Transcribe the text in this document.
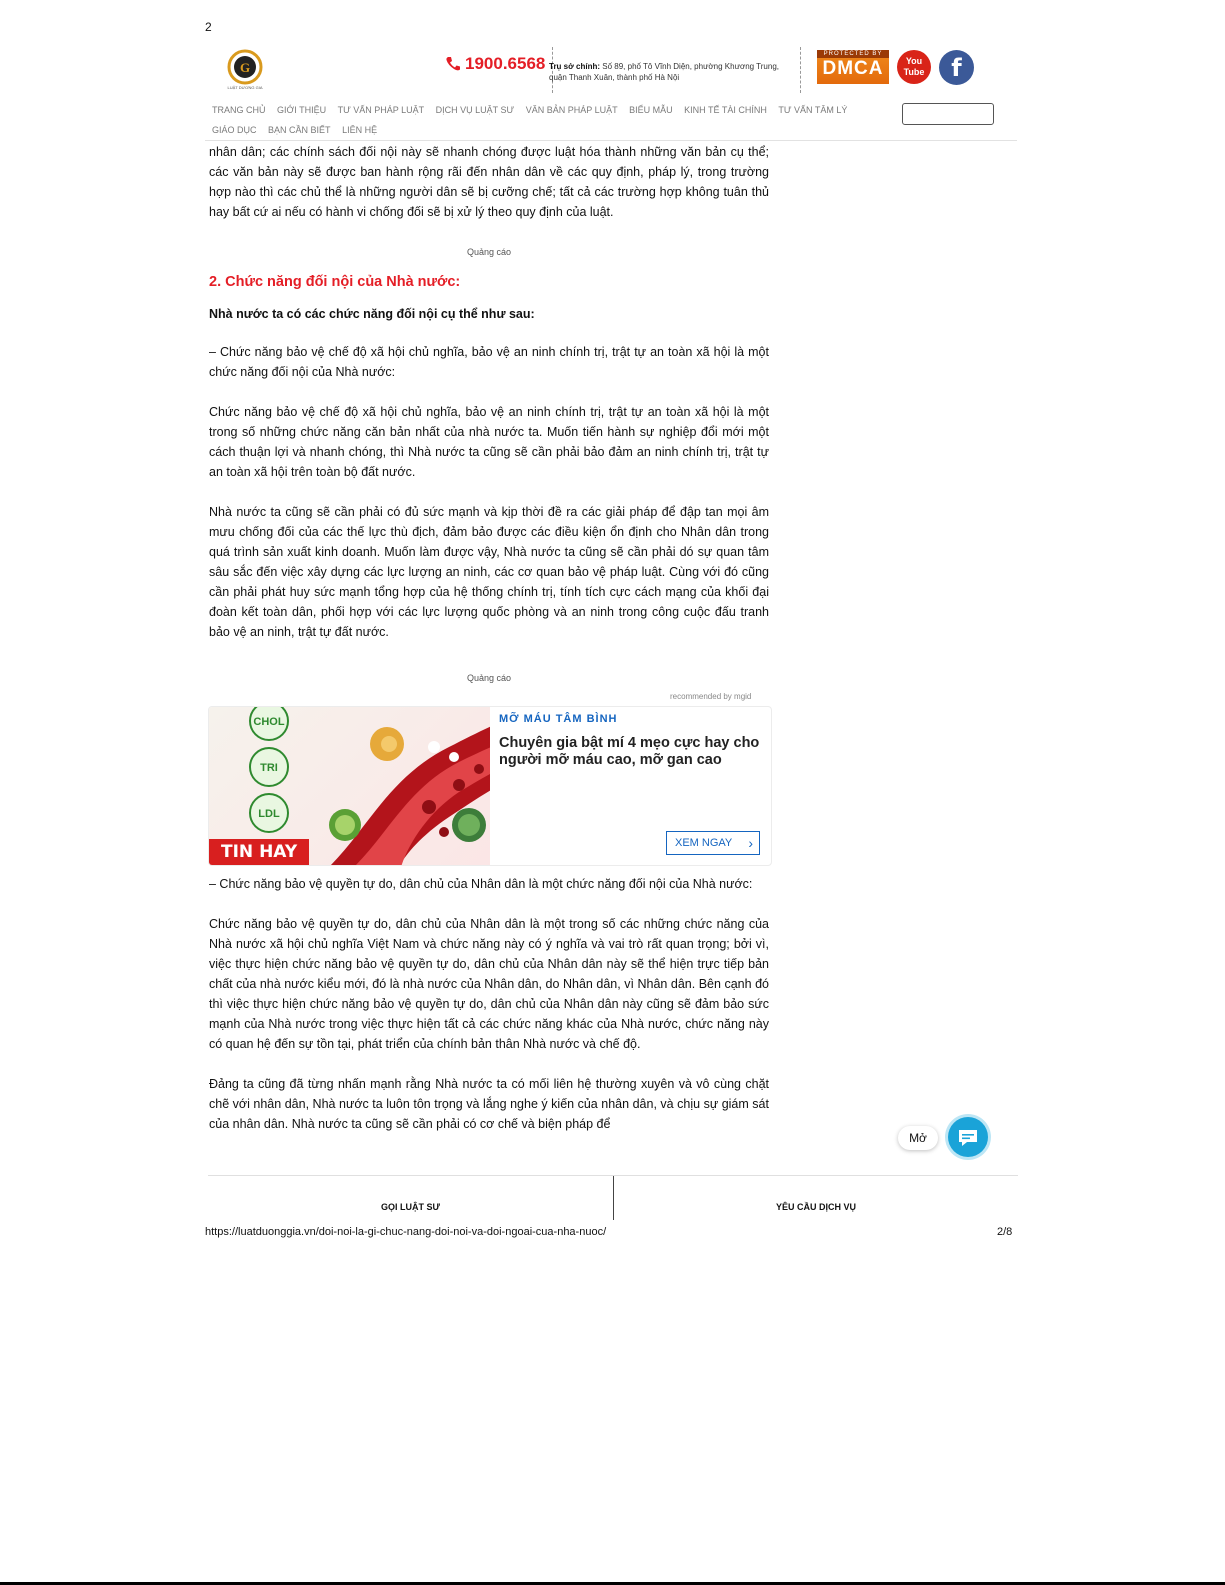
2
G
LUẬT DƯƠNG GIA
1900.6568 Trụ sở chính: Số 89, phố Tô Vĩnh Diện, phường Khương Trung, quận Thanh Xuân, thành phố Hà Nội
PROTECTED BY
DMCA	You Tube	f
TRANG CHỦ GIỚI THIỆU TƯ VẤN PHÁP LUẬT DỊCH VỤ LUẬT SƯ VĂN BẢN PHÁP LUẬT BIỂU MẪU KINH TẾ TÀI CHÍNH TƯ VẤN TÂM LÝ GIÁO DỤC BẠN CẦN BIẾT LIÊN HỆ

nhân dân; các chính sách đối nội này sẽ nhanh chóng được luật hóa thành những văn bản cụ thể; các văn bản này sẽ được ban hành rộng rãi đến nhân dân về các quy định, pháp lý, trong trường hợp nào thì các chủ thể là những người dân sẽ bị cưỡng chế; tất cả các trường hợp không tuân thủ hay bất cứ ai nếu có hành vi chống đối sẽ bị xử lý theo quy định của luật.

Quảng cáo
2. Chức năng đối nội của Nhà nước:

Nhà nước ta có các chức năng đối nội cụ thể như sau:

– Chức năng bảo vệ chế độ xã hội chủ nghĩa, bảo vệ an ninh chính trị, trật tự an toàn xã hội là một chức năng đối nội của Nhà nước:

Chức năng bảo vệ chế độ xã hội chủ nghĩa, bảo vệ an ninh chính trị, trật tự an toàn xã hội là một trong số những chức năng căn bản nhất của nhà nước ta. Muốn tiến hành sự nghiệp đổi mới một cách thuận lợi và nhanh chóng, thì Nhà nước ta cũng sẽ cần phải bảo đảm an ninh chính trị, trật tự an toàn xã hội trên toàn bộ đất nước.

Nhà nước ta cũng sẽ cần phải có đủ sức mạnh và kịp thời đề ra các giải pháp để đập tan mọi âm mưu chống đối của các thế lực thù địch, đảm bảo được các điều kiện ổn định cho Nhân dân trong quá trình sản xuất kinh doanh. Muốn làm được vậy, Nhà nước ta cũng sẽ cần phải dó sự quan tâm sâu sắc đến việc xây dựng các lực lượng an ninh, các cơ quan bảo vệ pháp luật. Cùng với đó cũng cần phải phát huy sức mạnh tổng hợp của hệ thống chính trị, tính tích cực cách mạng của khối đại đoàn kết toàn dân, phối hợp với các lực lượng quốc phòng và an ninh trong công cuộc đấu tranh bảo vệ an ninh, trật tự đất nước.

Quảng cáo
recommended by mgid
CHOL
TRI
LDL
TIN HAY
MỠ MÁU TÂM BÌNH
Chuyên gia bật mí 4 mẹo cực hay cho người mỡ máu cao, mỡ gan cao
XEM NGAY ›

– Chức năng bảo vệ quyền tự do, dân chủ của Nhân dân là một chức năng đối nội của Nhà nước:

Chức năng bảo vệ quyền tự do, dân chủ của Nhân dân là một trong số các những chức năng của Nhà nước xã hội chủ nghĩa Việt Nam và chức năng này có ý nghĩa và vai trò rất quan trọng; bởi vì, việc thực hiện chức năng bảo vệ quyền tự do, dân chủ của Nhân dân này sẽ thể hiện trực tiếp bản chất của nhà nước kiểu mới, đó là nhà nước của Nhân dân, do Nhân dân, vì Nhân dân. Bên cạnh đó thì việc thực hiện chức năng bảo vệ quyền tự do, dân chủ của Nhân dân này cũng sẽ đảm bảo sức mạnh của Nhà nước trong việc thực hiện tất cả các chức năng khác của Nhà nước, chức năng này có quan hệ đến sự tồn tại, phát triển của chính bản thân Nhà nước và chế độ.

Đảng ta cũng đã từng nhấn mạnh rằng Nhà nước ta có mối liên hệ thường xuyên và vô cùng chặt chẽ với nhân dân, Nhà nước ta luôn tôn trọng và lắng nghe ý kiến của nhân dân, và chịu sự giám sát của nhân dân. Nhà nước ta cũng sẽ cần phải có cơ chế và biện pháp để

Mở
GỌI LUẬT SƯ	YÊU CẦU DỊCH VỤ
https://luatduonggia.vn/doi-noi-la-gi-chuc-nang-doi-noi-va-doi-ngoai-cua-nha-nuoc/	2/8
